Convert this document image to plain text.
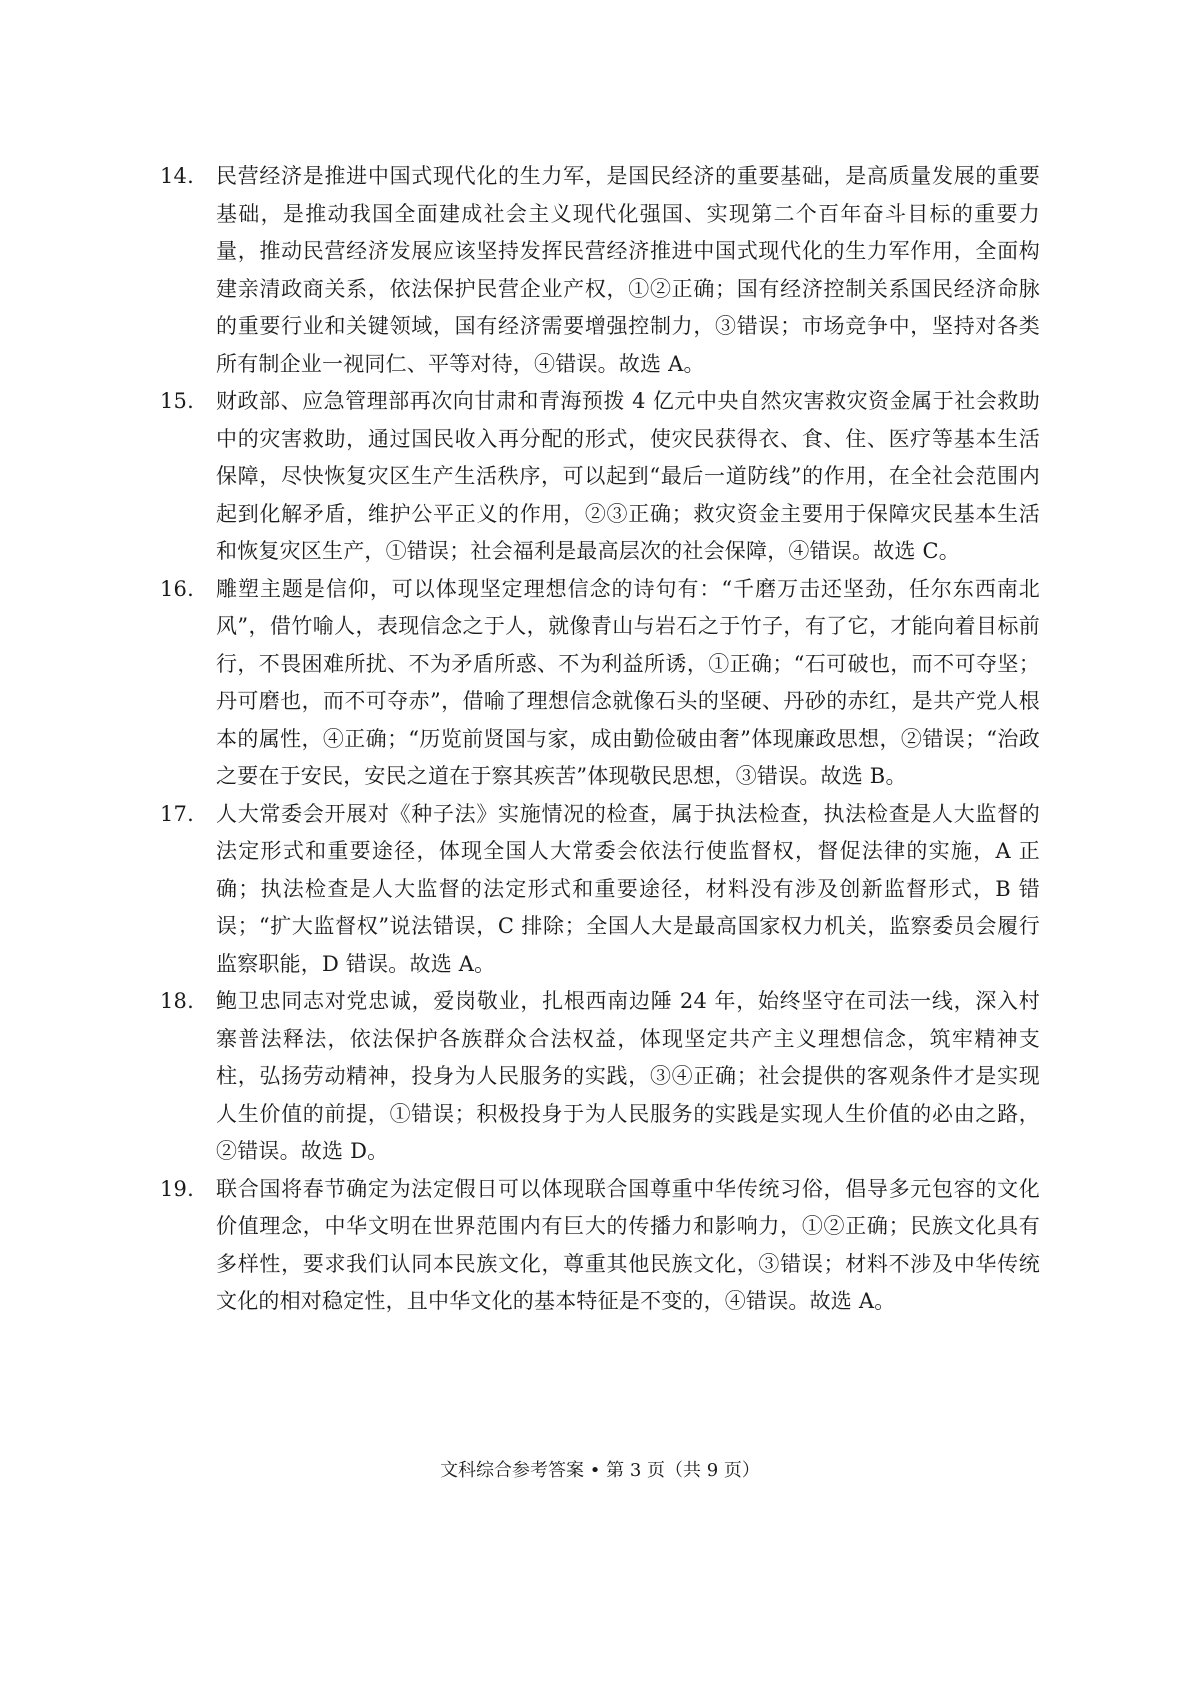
14.	民营经济是推进中国式现代化的生力军，是国民经济的重要基础，是高质量发展的重要基础，是推动我国全面建成社会主义现代化强国、实现第二个百年奋斗目标的重要力量，推动民营经济发展应该坚持发挥民营经济推进中国式现代化的生力军作用，全面构建亲清政商关系，依法保护民营企业产权，①②正确；国有经济控制关系国民经济命脉的重要行业和关键领域，国有经济需要增强控制力，③错误；市场竞争中，坚持对各类所有制企业一视同仁、平等对待，④错误。故选 A。
15.	财政部、应急管理部再次向甘肃和青海预拨 4 亿元中央自然灾害救灾资金属于社会救助中的灾害救助，通过国民收入再分配的形式，使灾民获得衣、食、住、医疗等基本生活保障，尽快恢复灾区生产生活秩序，可以起到“最后一道防线”的作用，在全社会范围内起到化解矛盾，维护公平正义的作用，②③正确；救灾资金主要用于保障灾民基本生活和恢复灾区生产，①错误；社会福利是最高层次的社会保障，④错误。故选 C。
16.	雕塑主题是信仰，可以体现坚定理想信念的诗句有：“千磨万击还坚劲，任尔东西南北风”，借竹喻人，表现信念之于人，就像青山与岩石之于竹子，有了它，才能向着目标前行，不畏困难所扰、不为矛盾所惑、不为利益所诱，①正确；“石可破也，而不可夺坚；丹可磨也，而不可夺赤”，借喻了理想信念就像石头的坚硬、丹砂的赤红，是共产党人根本的属性，④正确；“历览前贤国与家，成由勤俭破由奢”体现廉政思想，②错误；“治政之要在于安民，安民之道在于察其疾苦”体现敬民思想，③错误。故选 B。
17.	人大常委会开展对《种子法》实施情况的检查，属于执法检查，执法检查是人大监督的法定形式和重要途径，体现全国人大常委会依法行使监督权，督促法律的实施，A 正确；执法检查是人大监督的法定形式和重要途径，材料没有涉及创新监督形式，B 错误；“扩大监督权”说法错误，C 排除；全国人大是最高国家权力机关，监察委员会履行监察职能，D 错误。故选 A。
18.	鲍卫忠同志对党忠诚，爱岗敬业，扎根西南边陲 24 年，始终坚守在司法一线，深入村寨普法释法，依法保护各族群众合法权益，体现坚定共产主义理想信念，筑牢精神支柱，弘扬劳动精神，投身为人民服务的实践，③④正确；社会提供的客观条件才是实现人生价值的前提，①错误；积极投身于为人民服务的实践是实现人生价值的必由之路，②错误。故选 D。
19.	联合国将春节确定为法定假日可以体现联合国尊重中华传统习俗，倡导多元包容的文化价值理念，中华文明在世界范围内有巨大的传播力和影响力，①②正确；民族文化具有多样性，要求我们认同本民族文化，尊重其他民族文化，③错误；材料不涉及中华传统文化的相对稳定性，且中华文化的基本特征是不变的，④错误。故选 A。
文科综合参考答案 • 第 3 页（共 9 页）
